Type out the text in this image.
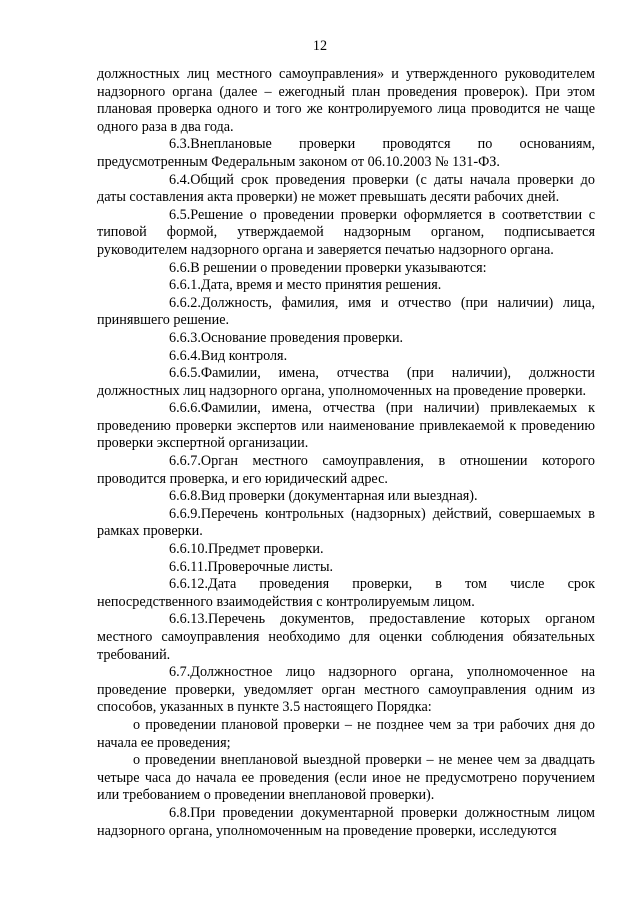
12

должностных лиц местного самоуправления» и утвержденного руководителем надзорного органа (далее – ежегодный план проведения проверок). При этом плановая проверка одного и того же контролируемого лица проводится не чаще одного раза в два года.

6.3.Внеплановые проверки проводятся по основаниям, предусмотренным Федеральным законом от 06.10.2003 № 131-ФЗ.

6.4.Общий срок проведения проверки (с даты начала проверки до даты составления акта проверки) не может превышать десяти рабочих дней.

6.5.Решение о проведении проверки оформляется в соответствии с типовой формой, утверждаемой надзорным органом, подписывается руководителем надзорного органа и заверяется печатью надзорного органа.

6.6.В решении о проведении проверки указываются:

6.6.1.Дата, время и место принятия решения.

6.6.2.Должность, фамилия, имя и отчество (при наличии) лица, принявшего решение.

6.6.3.Основание проведения проверки.

6.6.4.Вид контроля.

6.6.5.Фамилии, имена, отчества (при наличии), должности должностных лиц надзорного органа, уполномоченных на проведение проверки.

6.6.6.Фамилии, имена, отчества (при наличии) привлекаемых к проведению проверки экспертов или наименование привлекаемой к проведению проверки экспертной организации.

6.6.7.Орган местного самоуправления, в отношении которого проводится проверка, и его юридический адрес.

6.6.8.Вид проверки (документарная или выездная).

6.6.9.Перечень контрольных (надзорных) действий, совершаемых в рамках проверки.

6.6.10.Предмет проверки.

6.6.11.Проверочные листы.

6.6.12.Дата проведения проверки, в том числе срок непосредственного взаимодействия с контролируемым лицом.

6.6.13.Перечень документов, предоставление которых органом местного самоуправления необходимо для оценки соблюдения обязательных требований.

6.7.Должностное лицо надзорного органа, уполномоченное на проведение проверки, уведомляет орган местного самоуправления одним из способов, указанных в пункте 3.5 настоящего Порядка:

о проведении плановой проверки – не позднее чем за три рабочих дня до начала ее проведения;

о проведении внеплановой выездной проверки – не менее чем за двадцать четыре часа до начала ее проведения (если иное не предусмотрено поручением или требованием о проведении внеплановой проверки).

6.8.При проведении документарной проверки должностным лицом надзорного органа, уполномоченным на проведение проверки, исследуются
